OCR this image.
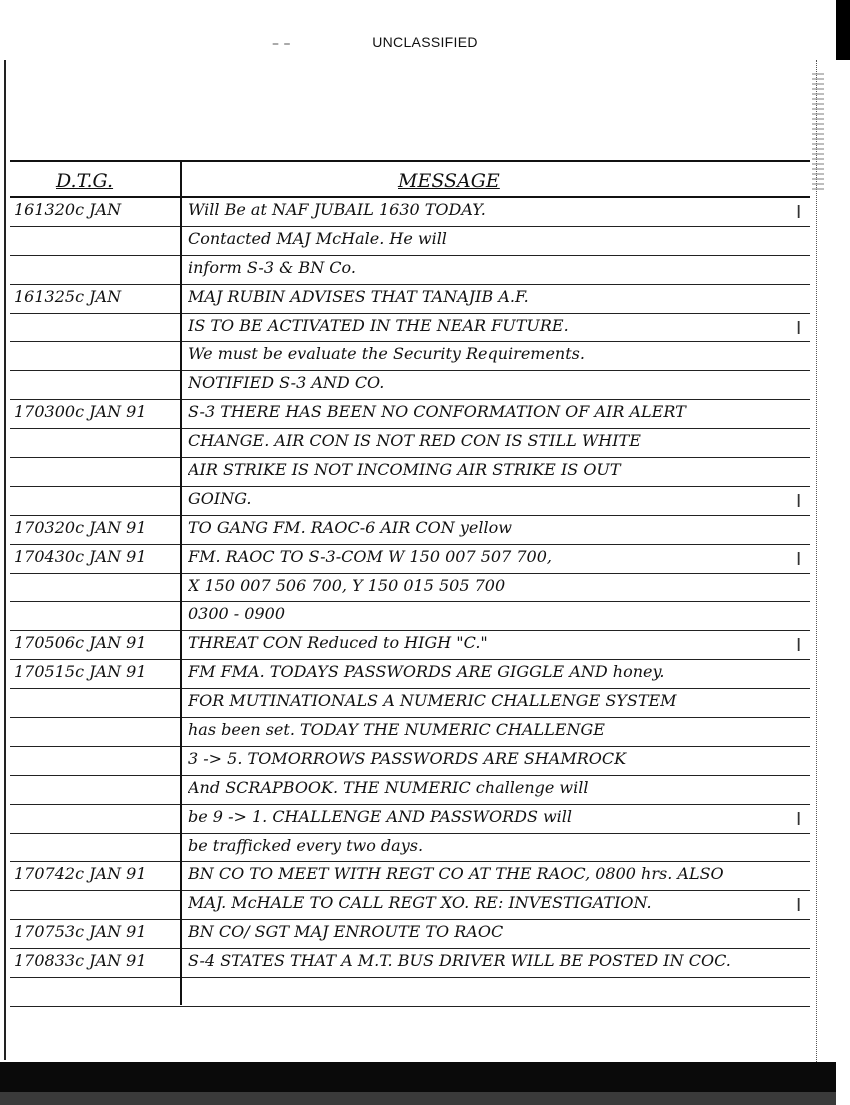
UNCLASSIFIED
– –
D.T.G.	MESSAGE
161320c JAN	Will Be at NAF JUBAIL 1630 TODAY.	I
Contacted MAJ McHale. He will
inform S-3 & BN Co.
161325c JAN	MAJ RUBIN ADVISES THAT TANAJIB A.F.
IS TO BE ACTIVATED IN THE NEAR FUTURE.	I
We must be evaluate the Security Requirements.
NOTIFIED S-3 AND CO.
170300c JAN 91	S-3 THERE HAS BEEN NO CONFORMATION OF AIR ALERT
CHANGE. AIR CON IS NOT RED CON IS STILL WHITE
AIR STRIKE IS NOT INCOMING AIR STRIKE IS OUT
GOING.	I
170320c JAN 91	TO GANG FM. RAOC-6 AIR CON yellow
170430c JAN 91	FM. RAOC TO S-3-COM W 150 007 507 700,	I
X 150 007 506 700, Y 150 015 505 700
0300 - 0900
170506c JAN 91	THREAT CON Reduced to HIGH "C."	I
170515c JAN 91	FM FMA. TODAYS PASSWORDS ARE GIGGLE AND honey.
FOR MUTINATIONALS A NUMERIC CHALLENGE SYSTEM
has been set. TODAY THE NUMERIC CHALLENGE
3 -> 5. TOMORROWS PASSWORDS ARE SHAMROCK
And SCRAPBOOK. THE NUMERIC challenge will
be 9 -> 1. CHALLENGE AND PASSWORDS will	I
be trafficked every two days.
170742c JAN 91	BN CO TO MEET WITH REGT CO AT THE RAOC, 0800 hrs. ALSO
MAJ. McHALE TO CALL REGT XO. RE: INVESTIGATION.	I
170753c JAN 91	BN CO/ SGT MAJ ENROUTE TO RAOC
170833c JAN 91	S-4 STATES THAT A M.T. BUS DRIVER WILL BE POSTED IN COC.
